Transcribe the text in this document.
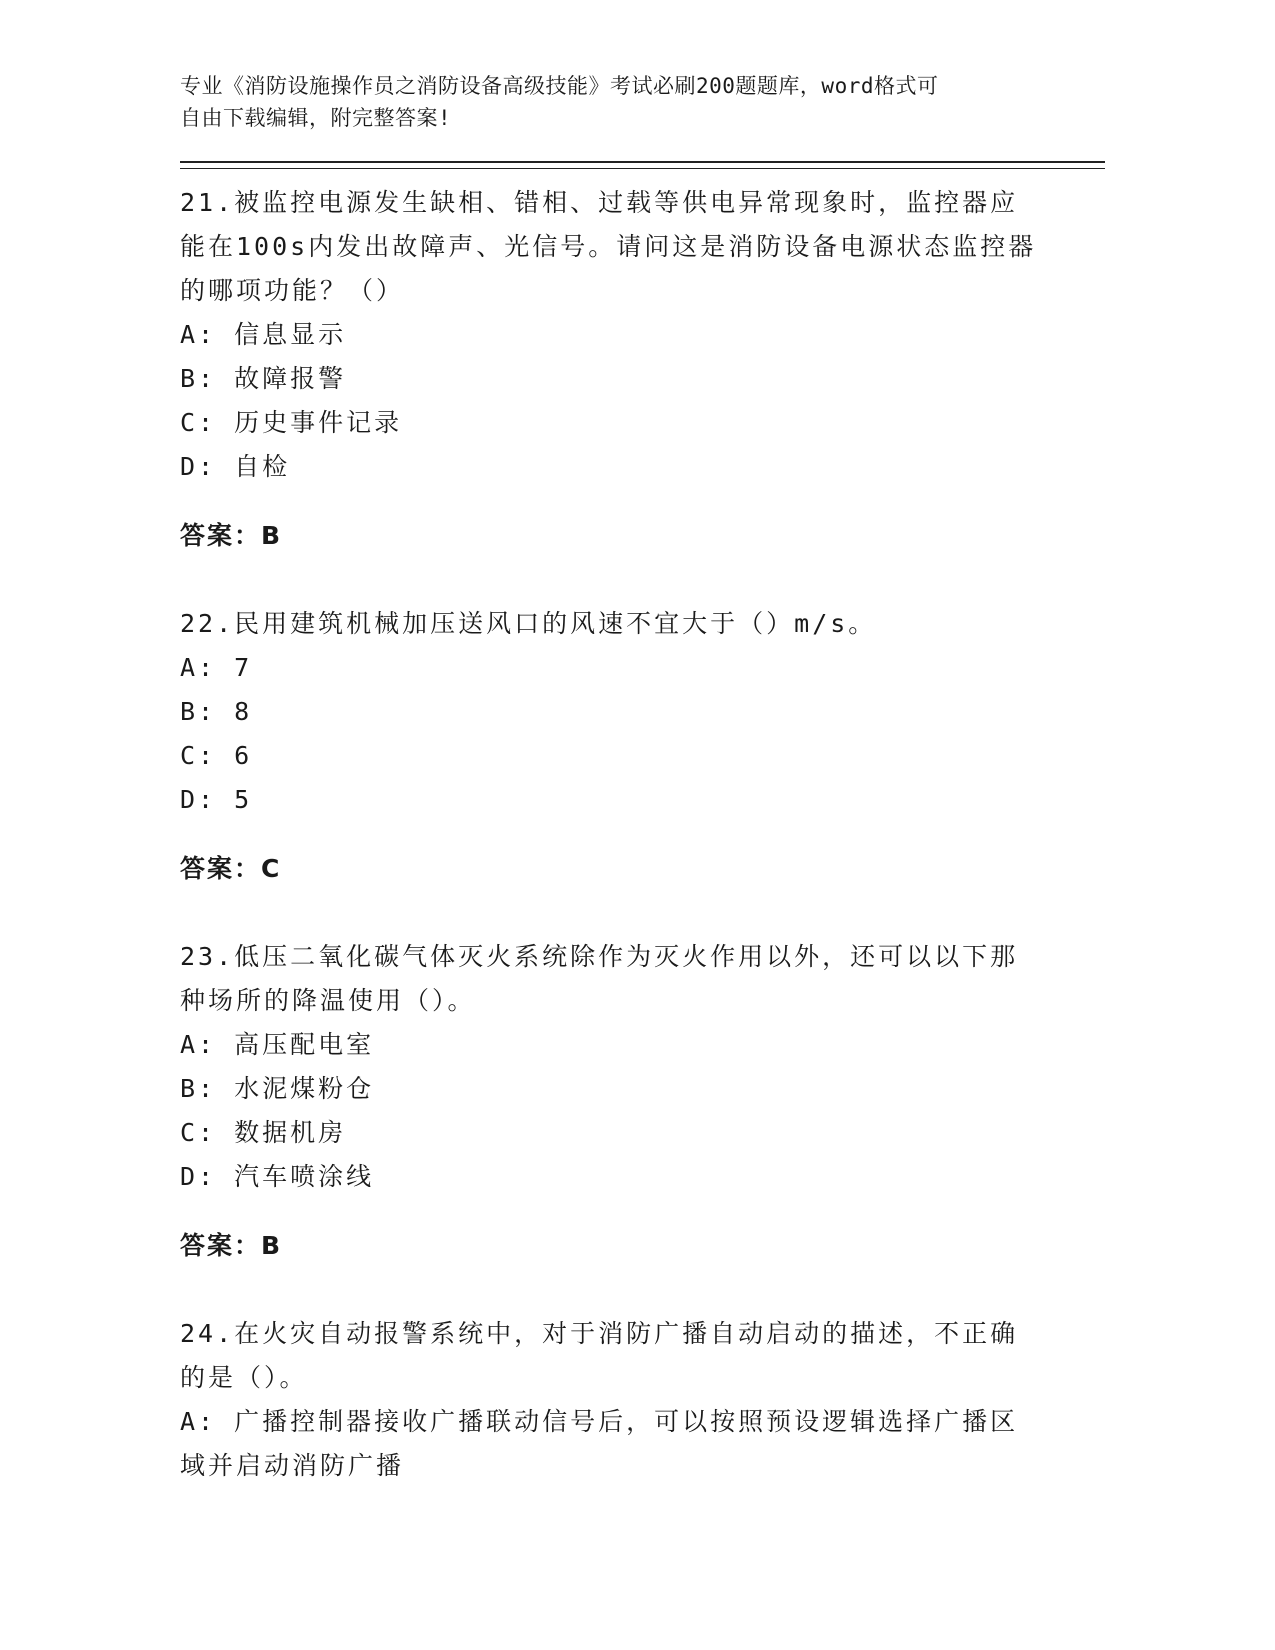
专业《消防设施操作员之消防设备高级技能》考试必刷200题题库，word格式可
自由下载编辑，附完整答案!

21.被监控电源发生缺相、错相、过载等供电异常现象时，监控器应能在100s内发出故障声、光信号。请问这是消防设备电源状态监控器的哪项功能？（）

A: 信息显示

B: 故障报警

C: 历史事件记录

D: 自检

答案：B

22.民用建筑机械加压送风口的风速不宜大于（）m/s。

A: 7

B: 8

C: 6

D: 5

答案：C

23.低压二氧化碳气体灭火系统除作为灭火作用以外，还可以以下那种场所的降温使用（）。

A: 高压配电室

B: 水泥煤粉仓

C: 数据机房

D: 汽车喷涂线

答案：B

24.在火灾自动报警系统中，对于消防广播自动启动的描述，不正确的是（）。

A: 广播控制器接收广播联动信号后，可以按照预设逻辑选择广播区域并启动消防广播
